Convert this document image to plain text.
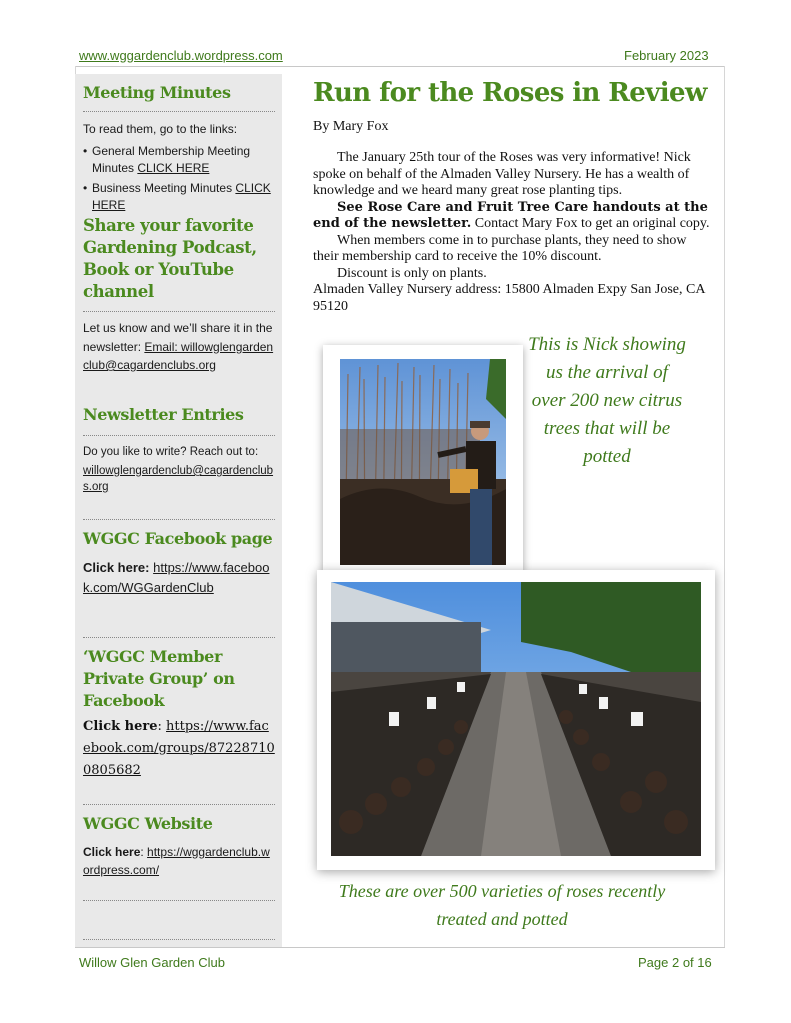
www.wggardenclub.wordpress.com	February 2023
Meeting Minutes
To read them, go to the links:
• General Membership Meeting Minutes CLICK HERE
• Business Meeting Minutes CLICK HERE
Share your favorite Gardening Podcast, Book or YouTube channel
Let us know and we’ll share it in the newsletter: Email: willowglengardenclub@cagardenclubs.org
Newsletter Entries
Do you like to write? Reach out to:
willowglengardenclub@cagardenclubs.org
WGGC Facebook page
Click here: https://www.facebook.com/WGGardenClub
‘WGGC Member Private Group’ on Facebook
Click here: https://www.facebook.com/groups/872287100805682
WGGC Website
Click here: https://wggardenclub.wordpress.com/
Run for the Roses in Review
By Mary Fox

The January 25th tour of the Roses was very informative! Nick spoke on behalf of the Almaden Valley Nursery. He has a wealth of knowledge and we heard many great rose planting tips.

See Rose Care and Fruit Tree Care handouts at the end of the newsletter. Contact Mary Fox to get an original copy.

When members come in to purchase plants, they need to show their membership card to receive the 10% discount.

Discount is only on plants.

Almaden Valley Nursery address: 15800 Almaden Expy San Jose, CA 95120

This is Nick showing us the arrival of over 200 new citrus trees that will be potted
These are over 500 varieties of roses recently treated and potted
Willow Glen Garden Club	Page 2 of 16
